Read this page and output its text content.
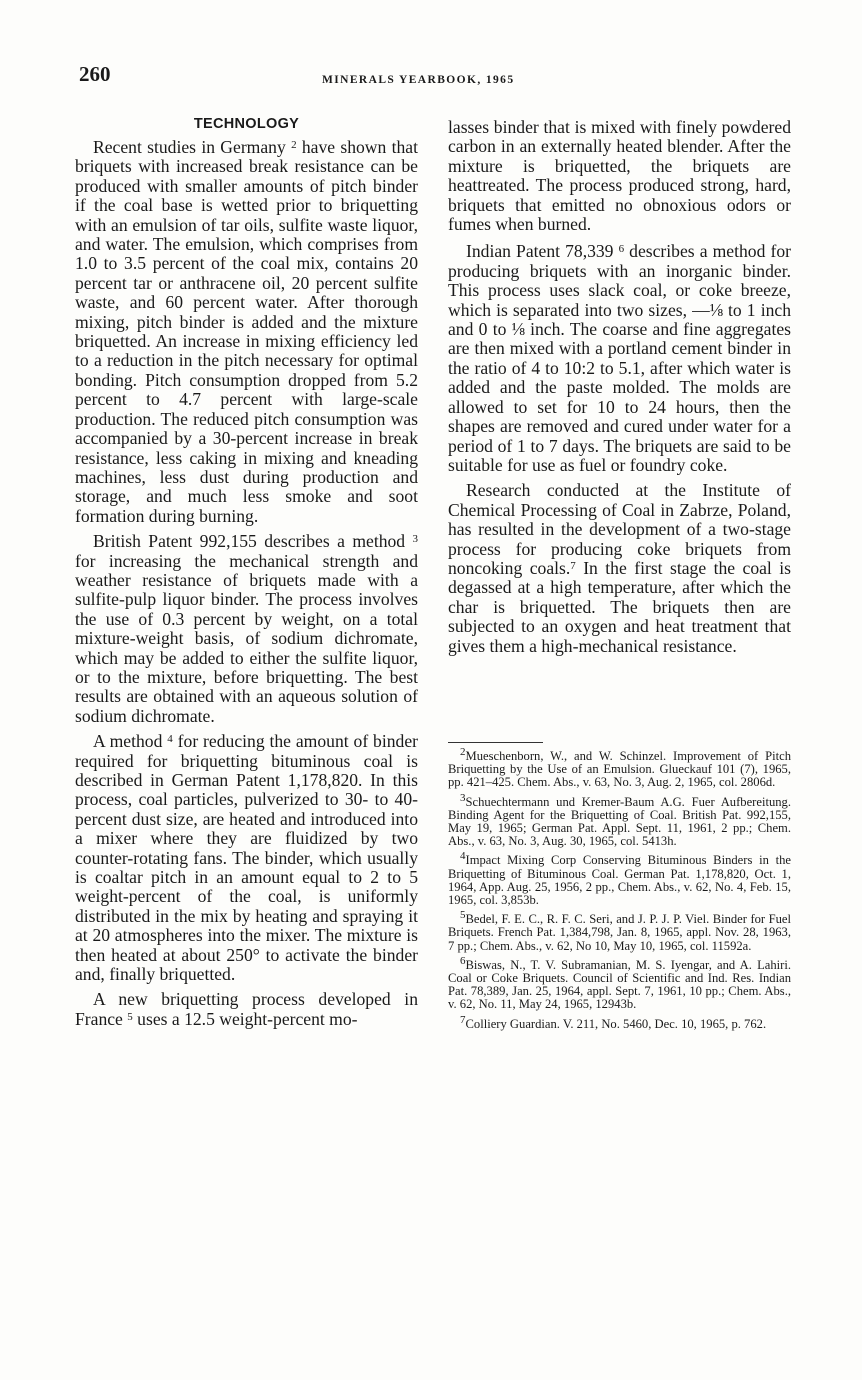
260	MINERALS YEARBOOK, 1965
TECHNOLOGY

Recent studies in Germany $^2$ have shown that briquets with increased break resistance can be produced with smaller amounts of pitch binder if the coal base is wetted prior to briquetting with an emulsion of tar oils, sulfite waste liquor, and water. The emulsion, which comprises from 1.0 to 3.5 percent of the coal mix, contains 20 percent tar or anthracene oil, 20 percent sulfite waste, and 60 percent water. After thorough mixing, pitch binder is added and the mixture briquetted. An increase in mixing efficiency led to a reduction in the pitch necessary for optimal bonding. Pitch consumption dropped from 5.2 percent to 4.7 percent with large-scale production. The reduced pitch consumption was accompanied by a 30-percent increase in break resistance, less caking in mixing and kneading machines, less dust during production and storage, and much less smoke and soot formation during burning.

British Patent 992,155 describes a method $^3$ for increasing the mechanical strength and weather resistance of briquets made with a sulfite-pulp liquor binder. The process involves the use of 0.3 percent by weight, on a total mixture-weight basis, of sodium dichromate, which may be added to either the sulfite liquor, or to the mixture, before briquetting. The best results are obtained with an aqueous solution of sodium dichromate.

A method $^4$ for reducing the amount of binder required for briquetting bituminous coal is described in German Patent 1,178,820. In this process, coal particles, pulverized to 30- to 40-percent dust size, are heated and introduced into a mixer where they are fluidized by two counter-rotating fans. The binder, which usually is coaltar pitch in an amount equal to 2 to 5 weight-percent of the coal, is uniformly distributed in the mix by heating and spraying it at 20 atmospheres into the mixer. The mixture is then heated at about 250° to activate the binder and, finally briquetted.

A new briquetting process developed in France $^5$ uses a 12.5 weight-percent mo-

lasses binder that is mixed with finely powdered carbon in an externally heated blender. After the mixture is briquetted, the briquets are heattreated. The process produced strong, hard, briquets that emitted no obnoxious odors or fumes when burned.

Indian Patent 78,339 $^6$ describes a method for producing briquets with an inorganic binder. This process uses slack coal, or coke breeze, which is separated into two sizes, —⅛ to 1 inch and 0 to ⅛ inch. The coarse and fine aggregates are then mixed with a portland cement binder in the ratio of 4 to 10:2 to 5.1, after which water is added and the paste molded. The molds are allowed to set for 10 to 24 hours, then the shapes are removed and cured under water for a period of 1 to 7 days. The briquets are said to be suitable for use as fuel or foundry coke.

Research conducted at the Institute of Chemical Processing of Coal in Zabrze, Poland, has resulted in the development of a two-stage process for producing coke briquets from noncoking coals.$^7$ In the first stage the coal is degassed at a high temperature, after which the char is briquetted. The briquets then are subjected to an oxygen and heat treatment that gives them a high-mechanical resistance.

$^2$Mueschenborn, W., and W. Schinzel. Improvement of Pitch Briquetting by the Use of an Emulsion. Glueckauf 101 (7), 1965, pp. 421–425. Chem. Abs., v. 63, No. 3, Aug. 2, 1965, col. 2806d.

$^3$Schuechtermann und Kremer-Baum A.G. Fuer Aufbereitung. Binding Agent for the Briquetting of Coal. British Pat. 992,155, May 19, 1965; German Pat. Appl. Sept. 11, 1961, 2 pp.; Chem. Abs., v. 63, No. 3, Aug. 30, 1965, col. 5413h.

$^4$Impact Mixing Corp Conserving Bituminous Binders in the Briquetting of Bituminous Coal. German Pat. 1,178,820, Oct. 1, 1964, App. Aug. 25, 1956, 2 pp., Chem. Abs., v. 62, No. 4, Feb. 15, 1965, col. 3,853b.

$^5$Bedel, F. E. C., R. F. C. Seri, and J. P. J. P. Viel. Binder for Fuel Briquets. French Pat. 1,384,798, Jan. 8, 1965, appl. Nov. 28, 1963, 7 pp.; Chem. Abs., v. 62, No 10, May 10, 1965, col. 11592a.

$^6$Biswas, N., T. V. Subramanian, M. S. Iyengar, and A. Lahiri. Coal or Coke Briquets. Council of Scientific and Ind. Res. Indian Pat. 78,389, Jan. 25, 1964, appl. Sept. 7, 1961, 10 pp.; Chem. Abs., v. 62, No. 11, May 24, 1965, 12943b.

$^7$Colliery Guardian. V. 211, No. 5460, Dec. 10, 1965, p. 762.
